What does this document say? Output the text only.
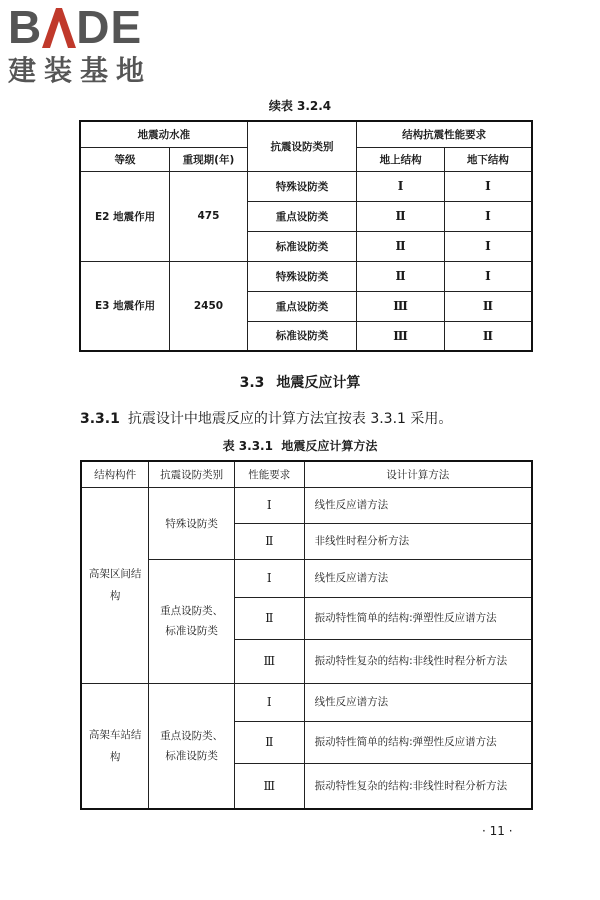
B DE
建装基地
续表 3.2.4
地震动水准		抗震设防类别	结构抗震性能要求	
等级	重现期(年)		地上结构	地下结构
E2 地震作用	475	特殊设防类	Ⅰ	Ⅰ
		重点设防类	Ⅱ	Ⅰ
		标准设防类	Ⅱ	Ⅰ
E3 地震作用	2450	特殊设防类	Ⅱ	Ⅰ
		重点设防类	Ⅲ	Ⅱ
		标准设防类	Ⅲ	Ⅱ
3.3 地震反应计算
3.3.1 抗震设计中地震反应的计算方法宜按表 3.3.1 采用。
表 3.3.1 地震反应计算方法
结构构件	抗震设防类别	性能要求	设计计算方法
高架区间结构	特殊设防类	Ⅰ	线性反应谱方法
		Ⅱ	非线性时程分析方法
	重点设防类、标准设防类	Ⅰ	线性反应谱方法
		Ⅱ	振动特性简单的结构:弹塑性反应谱方法
		Ⅲ	振动特性复杂的结构:非线性时程分析方法
高架车站结构	重点设防类、标准设防类	Ⅰ	线性反应谱方法
		Ⅱ	振动特性简单的结构:弹塑性反应谱方法
		Ⅲ	振动特性复杂的结构:非线性时程分析方法
· 11 ·
